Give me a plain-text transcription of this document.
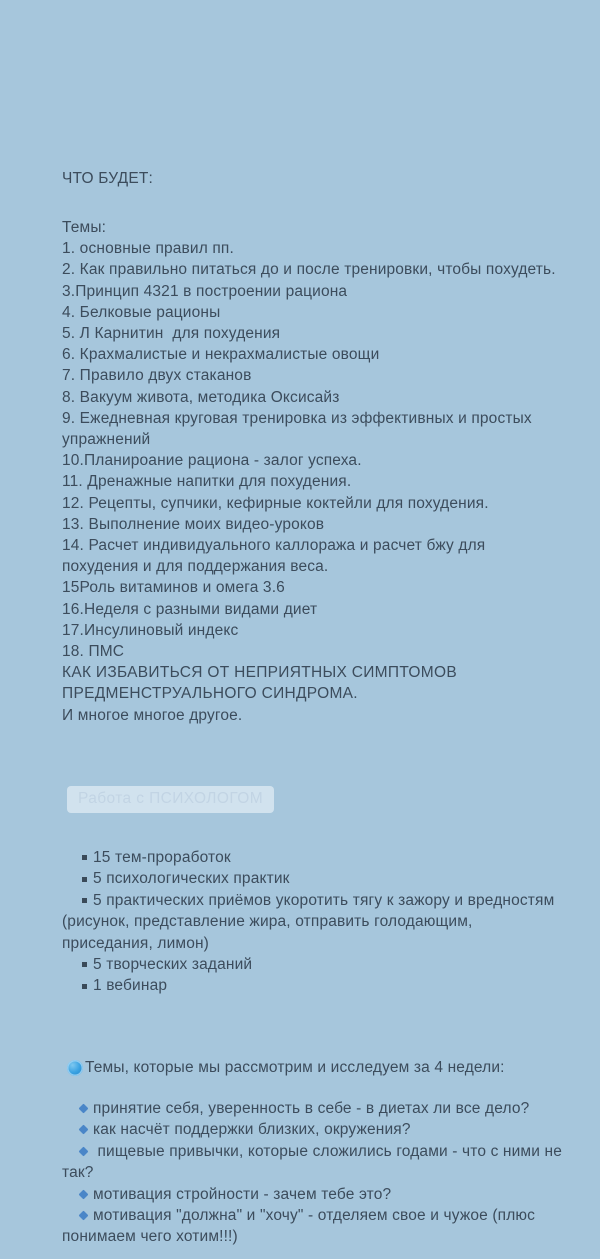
ЧТО БУДЕТ:
Темы:
1. основные правил пп.
2. Как правильно питаться до и после тренировки, чтобы похудеть.
3.Принцип 4321 в построении рациона
4. Белковые рационы
5. Л Карнитин  для похудения
6. Крахмалистые и некрахмалистые овощи
7. Правило двух стаканов
8. Вакуум живота, методика Оксисайз
9. Ежедневная круговая тренировка из эффективных и простых упражнений
10.Планироание рациона - залог успеха.
11. Дренажные напитки для похудения.
12. Рецепты, супчики, кефирные коктейли для похудения.
13. Выполнение моих видео-уроков
14. Расчет индивидуального каллоража и расчет бжу для похудения и для поддержания веса.
15Роль витаминов и омега 3.6
16.Неделя с разными видами диет
17.Инсулиновый индекс
18. ПМС
КАК ИЗБАВИТЬСЯ ОТ НЕПРИЯТНЫХ СИМПТОМОВ ПРЕДМЕНСТРУАЛЬНОГО СИНДРОМА.
И многое многое другое.
Работа с ПСИХОЛОГОМ
15 тем-проработок
5 психологических практик
5 практических приёмов укоротить тягу к зажору и вредностям
(рисунок, представление жира, отправить голодающим,
приседания, лимон)
5 творческих заданий
1 вебинар
Темы, которые мы рассмотрим и исследуем за 4 недели:
принятие себя, уверенность в себе - в диетах ли все дело?
как насчёт поддержки близких, окружения?
пищевые привычки, которые сложились годами - что с ними не
так?
мотивация стройности - зачем тебе это?
мотивация "должна" и "хочу" - отделяем свое и чужое (плюс
понимаем чего хотим!!!)
